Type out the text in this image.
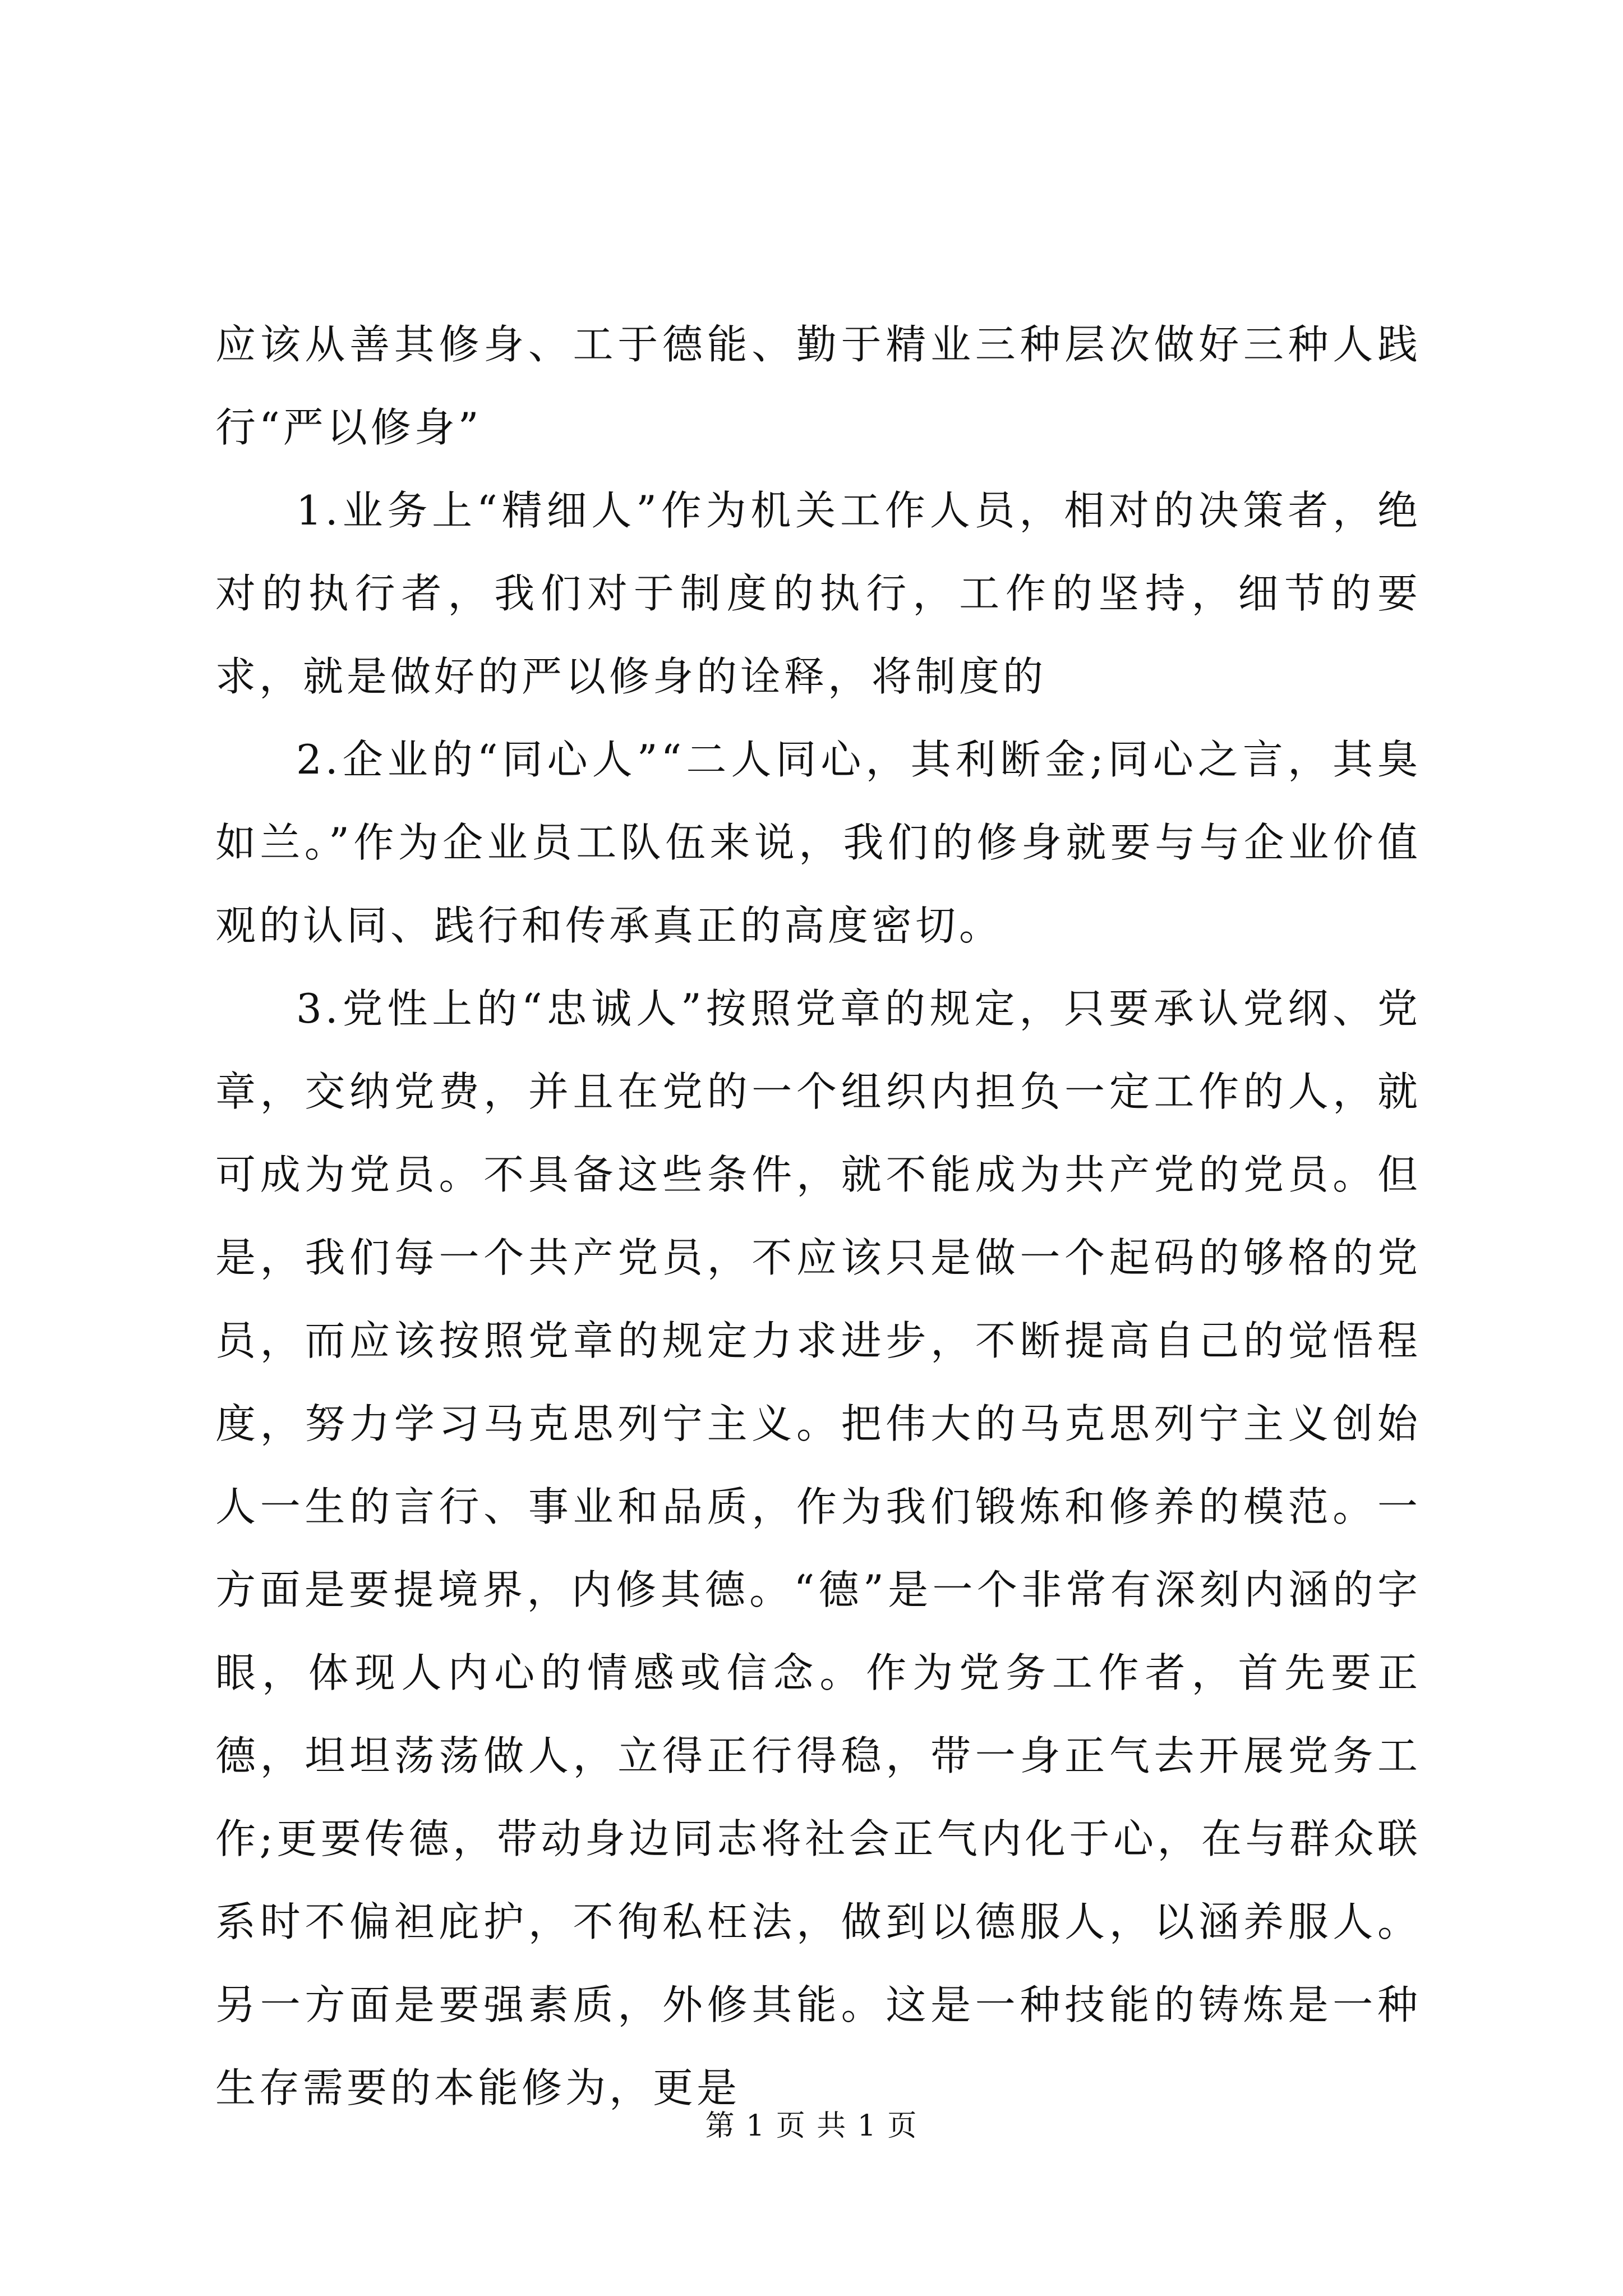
应该从善其修身、工于德能、勤于精业三种层次做好三种人践行“严以修身”

1.业务上“精细人”作为机关工作人员，相对的决策者，绝对的执行者，我们对于制度的执行，工作的坚持，细节的要求，就是做好的严以修身的诠释，将制度的

2.企业的“同心人”“二人同心，其利断金;同心之言，其臭如兰。”作为企业员工队伍来说，我们的修身就要与与企业价值观的认同、践行和传承真正的高度密切。

3.党性上的“忠诚人”按照党章的规定，只要承认党纲、党章，交纳党费，并且在党的一个组织内担负一定工作的人，就可成为党员。不具备这些条件，就不能成为共产党的党员。但是，我们每一个共产党员，不应该只是做一个起码的够格的党员，而应该按照党章的规定力求进步，不断提高自己的觉悟程度，努力学习马克思列宁主义。把伟大的马克思列宁主义创始人一生的言行、事业和品质，作为我们锻炼和修养的模范。一方面是要提境界，内修其德。“德”是一个非常有深刻内涵的字眼，体现人内心的情感或信念。作为党务工作者，首先要正德，坦坦荡荡做人，立得正行得稳，带一身正气去开展党务工作;更要传德，带动身边同志将社会正气内化于心，在与群众联系时不偏袒庇护，不徇私枉法，做到以德服人，以涵养服人。另一方面是要强素质，外修其能。这是一种技能的铸炼是一种生存需要的本能修为，更是

第 1 页 共 1 页
